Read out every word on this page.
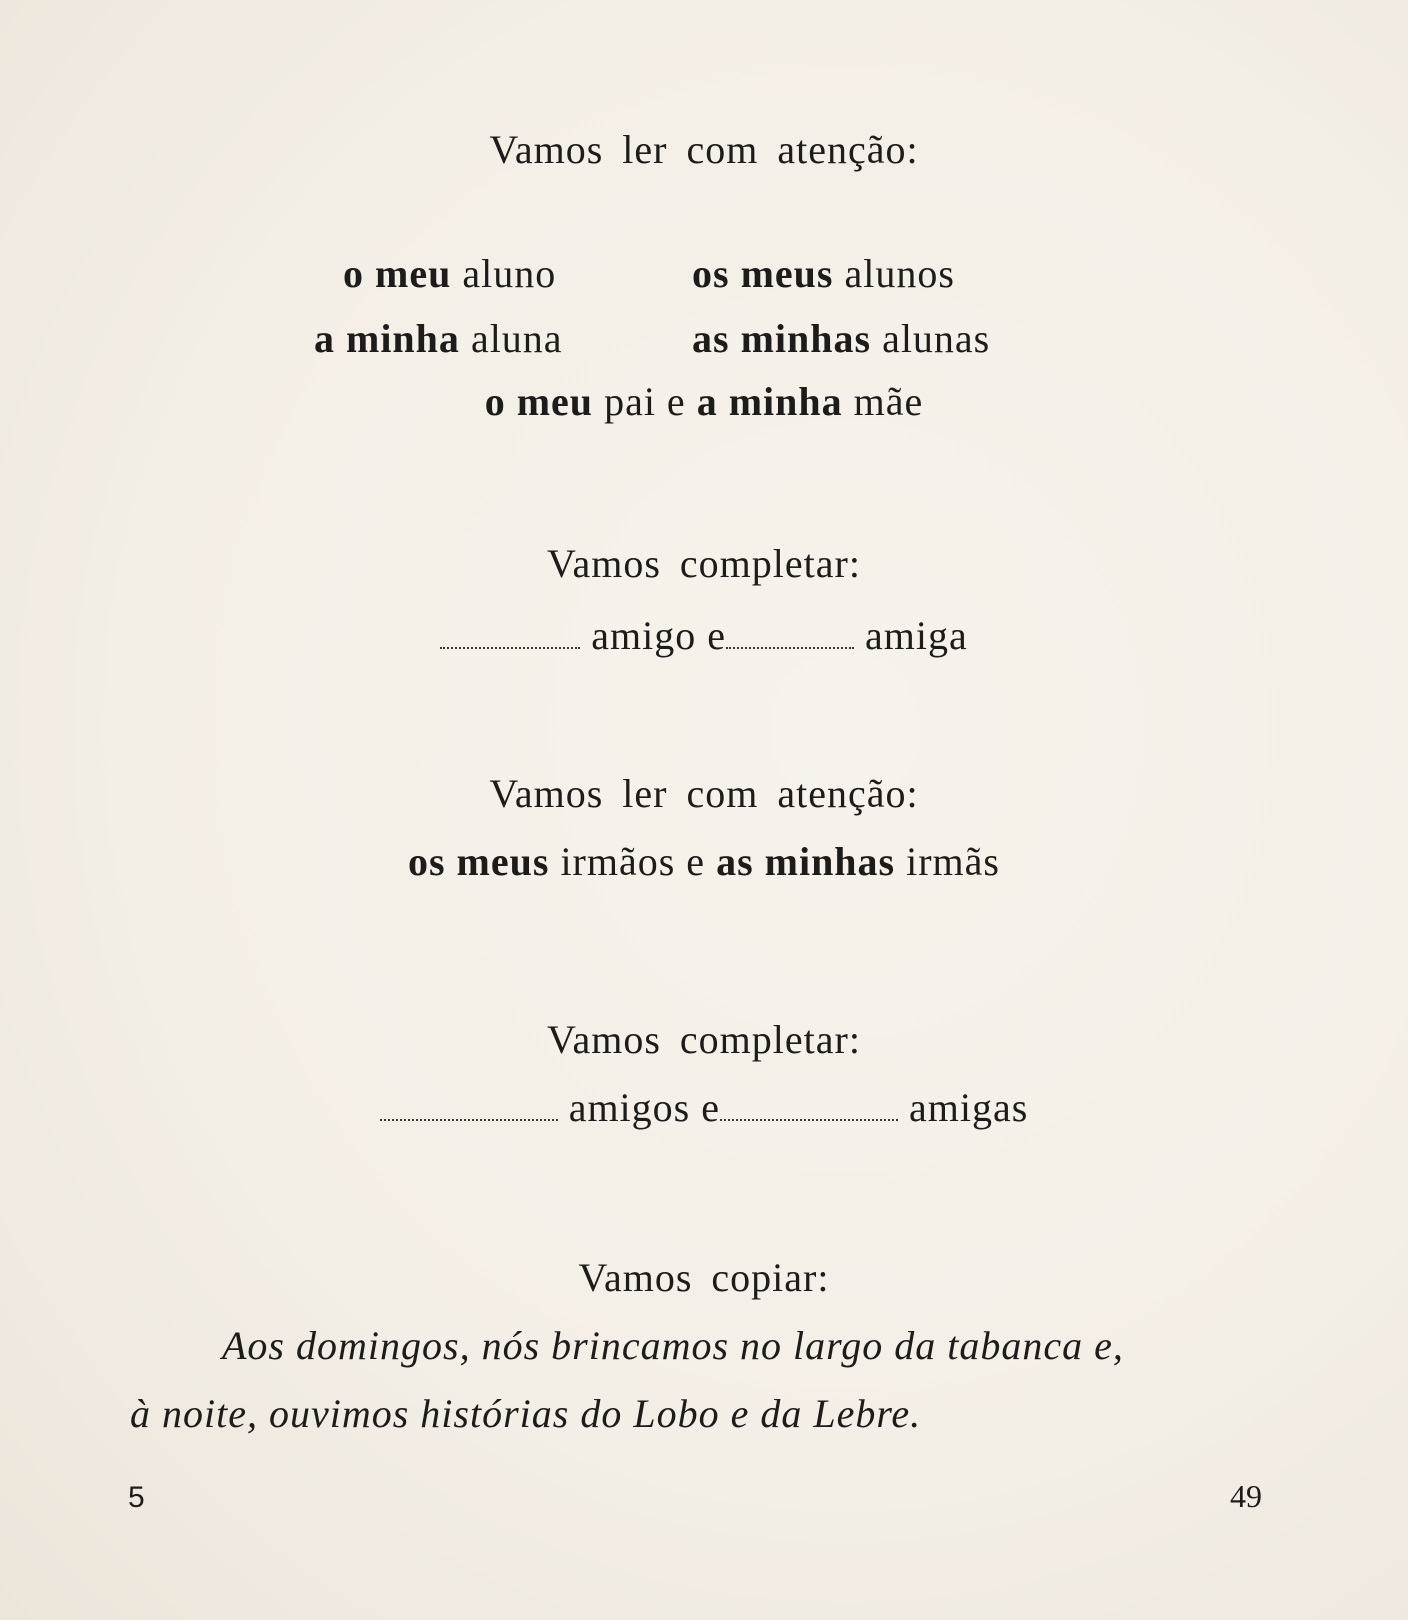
Vamos ler com atenção:
o meu aluno	os meus alunos
a minha aluna	as minhas alunas
o meu pai e a minha mãe
Vamos completar:
amigo e	amiga
Vamos ler com atenção:
os meus irmãos e as minhas irmãs
Vamos completar:
amigos e	amigas
Vamos copiar:
Aos domingos, nós brincamos no largo da tabanca e,
à noite, ouvimos histórias do Lobo e da Lebre.
5	49
